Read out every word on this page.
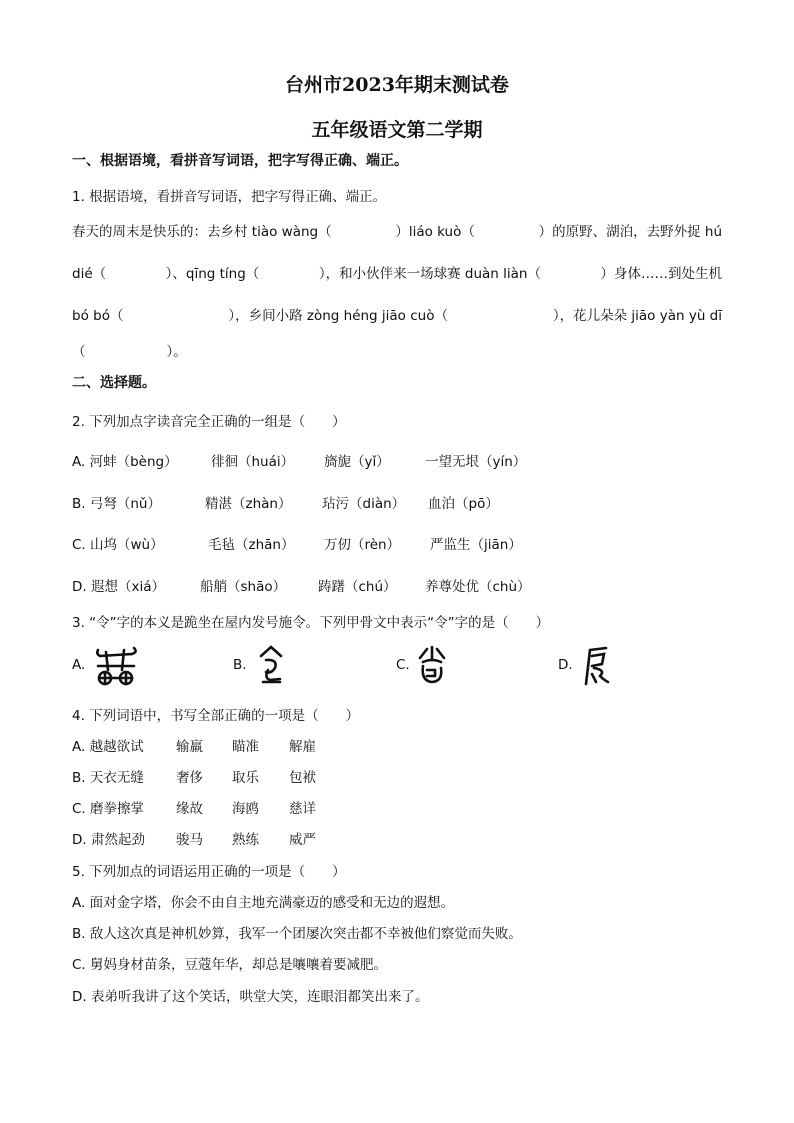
台州市2023年期末测试卷
五年级语文第二学期
一、根据语境，看拼音写词语，把字写得正确、端正。
1. 根据语境，看拼音写词语，把字写得正确、端正。
春天的周末是快乐的：去乡村 tiào wàng（	）liáo kuò（	）的原野、湖泊，去野外捉 hú
dié（	）、qīng tíng（	），和小伙伴来一场球赛 duàn liàn（	）身体……到处生机
bó bó（	），乡间小路 zòng héng jiāo cuò（	），花儿朵朵 jiāo yàn yù dī
（　　　　　　）。
二、选择题。
2. 下列加点字读音完全正确的一组是（　　）
A. 河蚌（bèng） 徘徊（huái） 旖旎（yǐ）	一望无垠（yín）
B. 弓弩（nǔ）	精湛（zhàn） 玷污（diàn） 血泊（pō）
C. 山坞（wù）	毛毡（zhān） 万仞（rèn） 严监生（jiān）
D. 遐想（xiá）	船艄（shāo） 踌躇（chú） 养尊处优（chù）
3. “令”字的本义是跪坐在屋内发号施令。下列甲骨文中表示“令”字的是（　　）
A.	B.	C.	D.
4. 下列词语中，书写全部正确的一项是（　　）
A. 越越欲试 输羸 瞄准 解雇
B. 天衣无缝 奢侈 取乐 包袱
C. 磨拳擦掌 缘故 海鸥 慈详
D. 肃然起劲 骏马 熟练 威严
5. 下列加点的词语运用正确的一项是（　　）
A. 面对金字塔，你会不由自主地充满豪迈的感受和无边的遐想。
B. 敌人这次真是神机妙算，我军一个团屡次突击都不幸被他们察觉而失败。
C. 舅妈身材苗条，豆蔻年华，却总是嚷嚷着要减肥。
D. 表弟听我讲了这个笑话，哄堂大笑，连眼泪都笑出来了。
